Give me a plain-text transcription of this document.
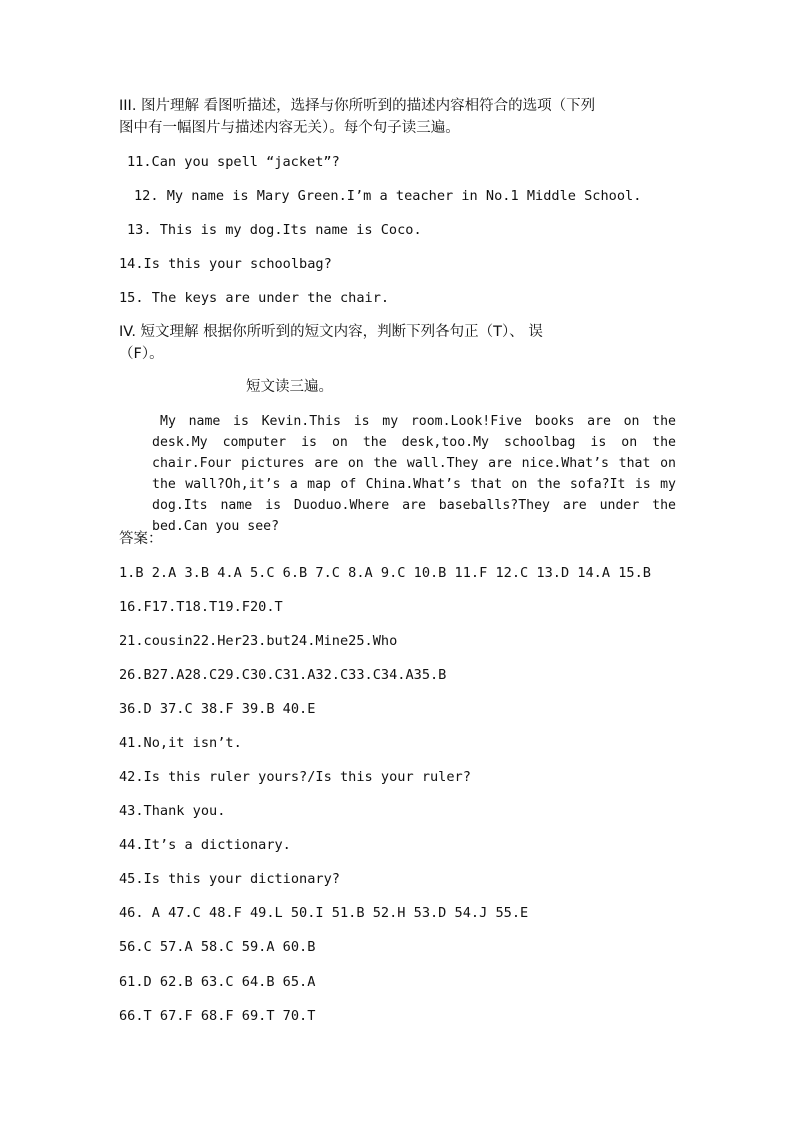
III. 图片理解 看图听描述，选择与你所听到的描述内容相符合的选项（下列
图中有一幅图片与描述内容无关）。每个句子读三遍。
11.Can you spell “jacket”?
12. My name is Mary Green.I’m a teacher in No.1 Middle School.
13. This is my dog.Its name is Coco.
14.Is this your schoolbag?
15. The keys are under the chair.
IV. 短文理解 根据你所听到的短文内容，判断下列各句正（T）、 误
（F）。
短文读三遍。
My name is Kevin.This is my room.Look!Five books are on the desk.My computer is on the desk,too.My schoolbag is on the chair.Four pictures are on the wall.They are nice.What’s that on the wall?Oh,it’s a map of China.What’s that on the sofa?It is my dog.Its name is Duoduo.Where are baseballs?They are under the bed.Can you see?
答案：
1.B 2.A 3.B 4.A 5.C 6.B 7.C 8.A 9.C 10.B 11.F 12.C 13.D 14.A 15.B
16.F17.T18.T19.F20.T
21.cousin22.Her23.but24.Mine25.Who
26.B27.A28.C29.C30.C31.A32.C33.C34.A35.B
36.D 37.C 38.F 39.B 40.E
41.No,it isn’t.
42.Is this ruler yours?/Is this your ruler?
43.Thank you.
44.It’s a dictionary.
45.Is this your dictionary?
46. A 47.C 48.F 49.L 50.I 51.B 52.H 53.D 54.J 55.E
56.C 57.A 58.C 59.A 60.B
61.D 62.B 63.C 64.B 65.A
66.T 67.F 68.F 69.T 70.T
